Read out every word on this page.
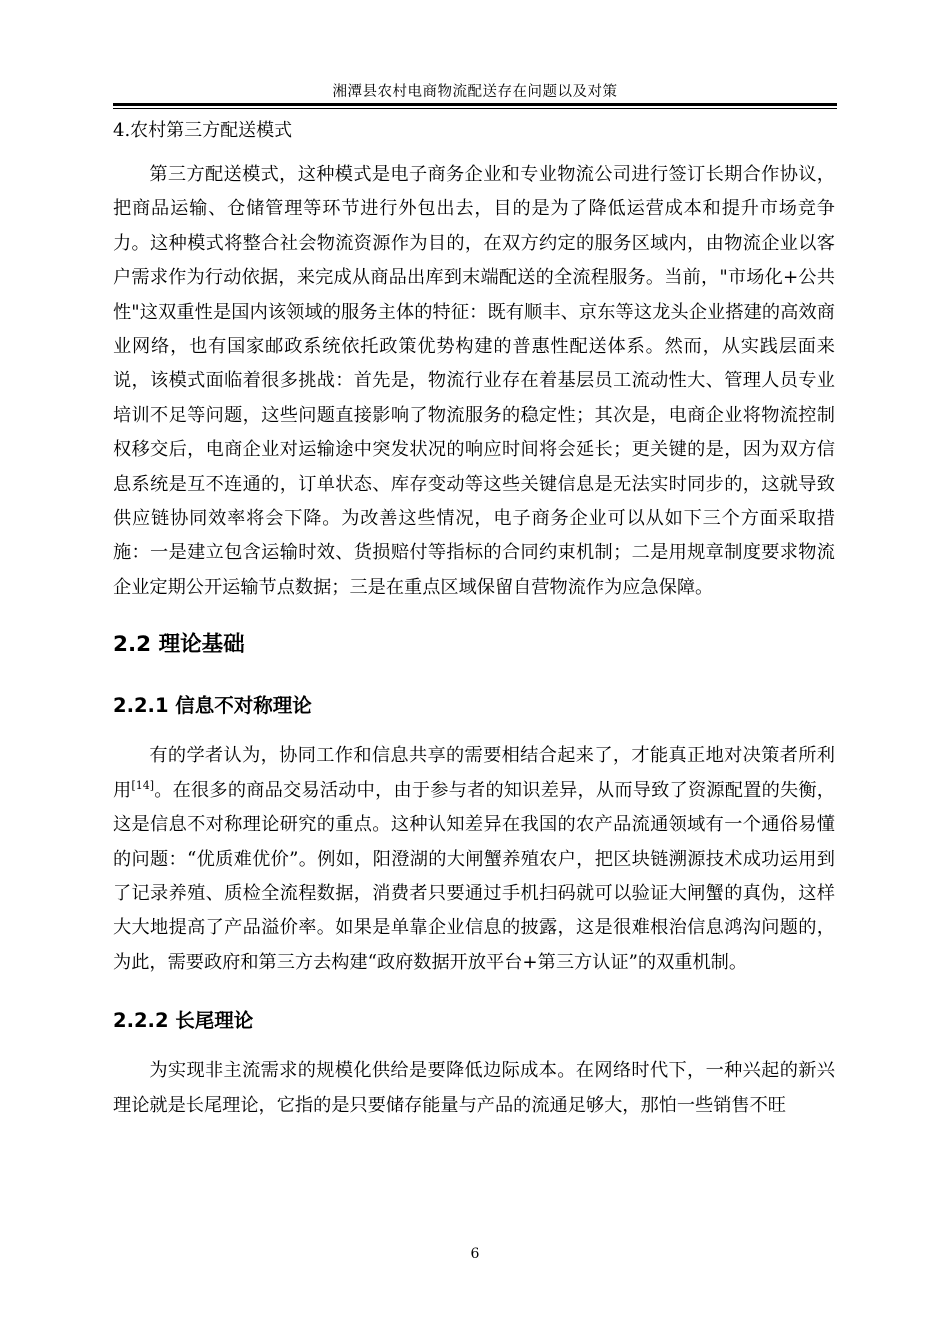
湘潭县农村电商物流配送存在问题以及对策

4.农村第三方配送模式

第三方配送模式，这种模式是电子商务企业和专业物流公司进行签订长期合作协议，把商品运输、仓储管理等环节进行外包出去，目的是为了降低运营成本和提升市场竞争力。这种模式将整合社会物流资源作为目的，在双方约定的服务区域内，由物流企业以客户需求作为行动依据，来完成从商品出库到末端配送的全流程服务。当前，"市场化+公共性"这双重性是国内该领域的服务主体的特征：既有顺丰、京东等这龙头企业搭建的高效商业网络，也有国家邮政系统依托政策优势构建的普惠性配送体系。然而，从实践层面来说，该模式面临着很多挑战：首先是，物流行业存在着基层员工流动性大、管理人员专业培训不足等问题，这些问题直接影响了物流服务的稳定性；其次是，电商企业将物流控制权移交后，电商企业对运输途中突发状况的响应时间将会延长；更关键的是，因为双方信息系统是互不连通的，订单状态、库存变动等这些关键信息是无法实时同步的，这就导致供应链协同效率将会下降。为改善这些情况，电子商务企业可以从如下三个方面采取措施：一是建立包含运输时效、货损赔付等指标的合同约束机制；二是用规章制度要求物流企业定期公开运输节点数据；三是在重点区域保留自营物流作为应急保障。

2.2 理论基础
2.2.1 信息不对称理论

有的学者认为，协同工作和信息共享的需要相结合起来了，才能真正地对决策者所利用[14]。在很多的商品交易活动中，由于参与者的知识差异，从而导致了资源配置的失衡，这是信息不对称理论研究的重点。这种认知差异在我国的农产品流通领域有一个通俗易懂的问题：“优质难优价”。例如，阳澄湖的大闸蟹养殖农户，把区块链溯源技术成功运用到了记录养殖、质检全流程数据，消费者只要通过手机扫码就可以验证大闸蟹的真伪，这样大大地提高了产品溢价率。如果是单靠企业信息的披露，这是很难根治信息鸿沟问题的，为此，需要政府和第三方去构建“政府数据开放平台+第三方认证”的双重机制。

2.2.2 长尾理论

为实现非主流需求的规模化供给是要降低边际成本。在网络时代下，一种兴起的新兴理论就是长尾理论，它指的是只要储存能量与产品的流通足够大，那怕一些销售不旺

6
